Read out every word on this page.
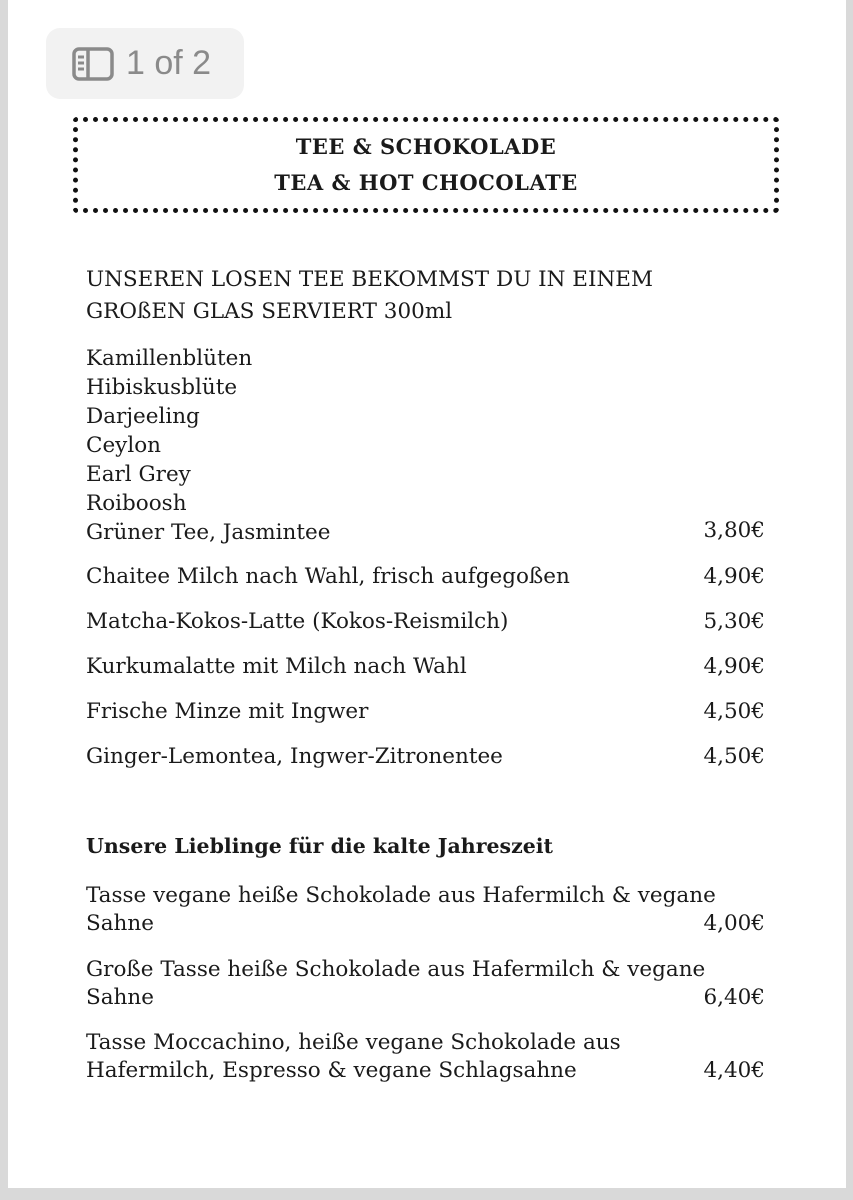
1 of 2
TEE & SCHOKOLADE
TEA & HOT CHOCOLATE
UNSEREN LOSEN TEE BEKOMMST DU IN EINEM
GROßEN GLAS SERVIERT 300ml
Kamillenblüten
Hibiskusblüte
Darjeeling
Ceylon
Earl Grey
Roiboosh
Grüner Tee, Jasmintee	3,80€
Chaitee Milch nach Wahl, frisch aufgegoßen	4,90€
Matcha-Kokos-Latte (Kokos-Reismilch)	5,30€
Kurkumalatte mit Milch nach Wahl	4,90€
Frische Minze mit Ingwer	4,50€
Ginger-Lemontea, Ingwer-Zitronentee	4,50€
Unsere Lieblinge für die kalte Jahreszeit
Tasse vegane heiße Schokolade aus Hafermilch & vegane
Sahne	4,00€
Große Tasse heiße Schokolade aus Hafermilch & vegane
Sahne	6,40€
Tasse Moccachino, heiße vegane Schokolade aus
Hafermilch, Espresso & vegane Schlagsahne	4,40€
